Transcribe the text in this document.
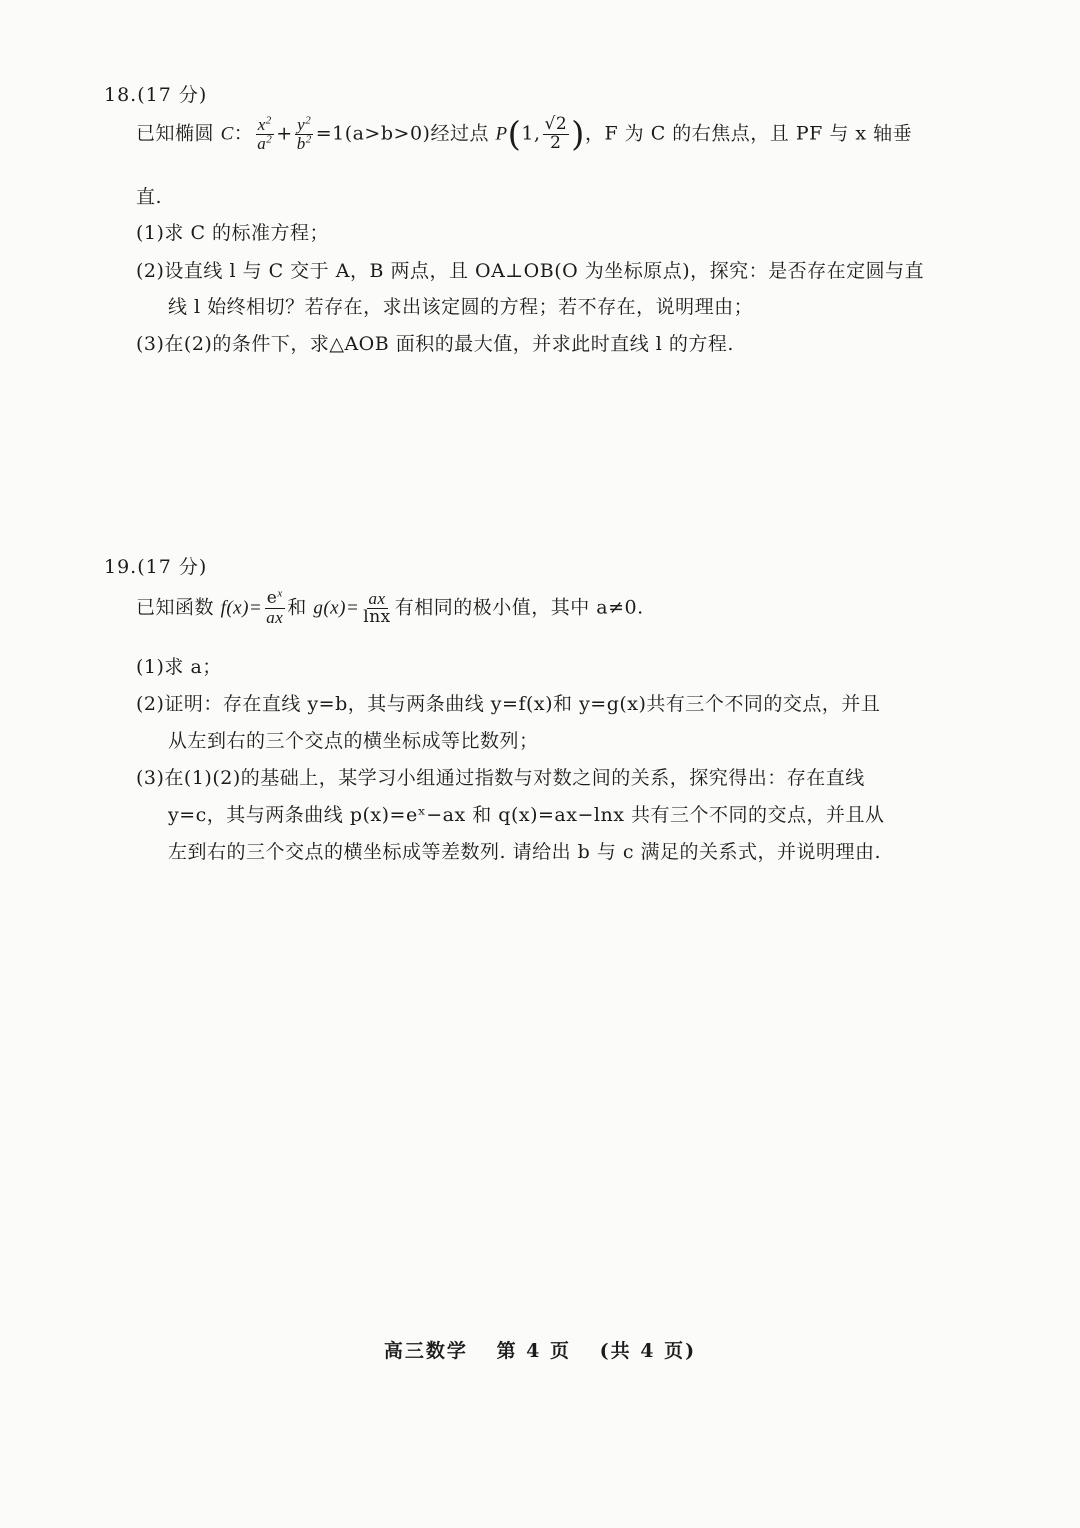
18.(17 分)
已知椭圆 C： $\frac{x^2}{a^2} + \frac{y^2}{b^2} =1(a>b>0)$经过点 P(1, $\frac{√2}{2}$ )，F 为 C 的右焦点，且 PF 与 x 轴垂
直.
(1)求 C 的标准方程；
(2)设直线 l 与 C 交于 A，B 两点，且 OA⊥OB(O 为坐标原点)，探究：是否存在定圆与直
线 l 始终相切？若存在，求出该定圆的方程；若不存在，说明理由；
(3)在(2)的条件下，求△AOB 面积的最大值，并求此时直线 l 的方程.
19.(17 分)
已知函数 $f(x)= \frac{e^x}{ax}$ 和 $g(x)= \frac{ax}{\ln x}$ 有相同的极小值，其中 a≠0.
(1)求 a；
(2)证明：存在直线 y=b，其与两条曲线 y=f(x)和 y=g(x)共有三个不同的交点，并且
从左到右的三个交点的横坐标成等比数列；
(3)在(1)(2)的基础上，某学习小组通过指数与对数之间的关系，探究得出：存在直线
y=c，其与两条曲线 p(x)=eˣ−ax 和 q(x)=ax−lnx 共有三个不同的交点，并且从
左到右的三个交点的横坐标成等差数列. 请给出 b 与 c 满足的关系式，并说明理由.
高三数学 第 4 页 (共 4 页)
